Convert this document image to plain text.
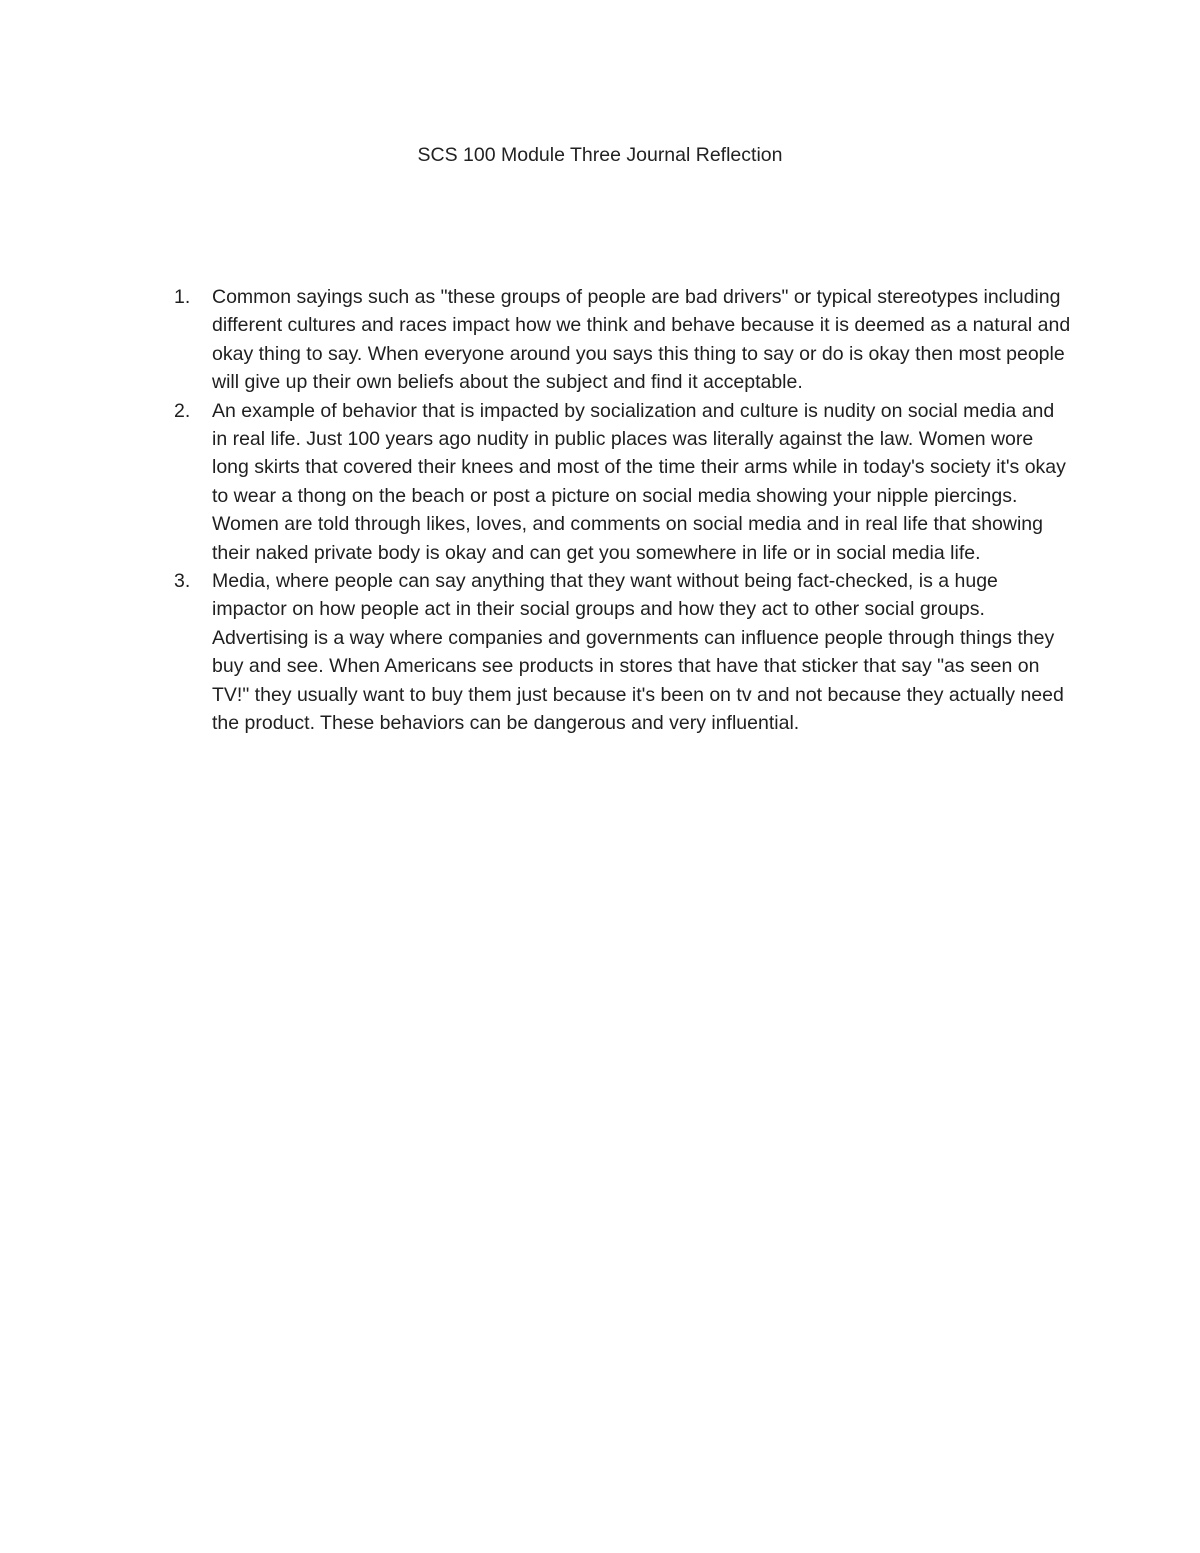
SCS 100 Module Three Journal Reflection
1.	Common sayings such as "these groups of people are bad drivers" or typical stereotypes including different cultures and races impact how we think and behave because it is deemed as a natural and okay thing to say. When everyone around you says this thing to say or do is okay then most people will give up their own beliefs about the subject and find it acceptable.
2.	An example of behavior that is impacted by socialization and culture is nudity on social media and in real life. Just 100 years ago nudity in public places was literally against the law. Women wore long skirts that covered their knees and most of the time their arms while in today's society it's okay to wear a thong on the beach or post a picture on social media showing your nipple piercings. Women are told through likes, loves, and comments on social media and in real life that showing their naked private body is okay and can get you somewhere in life or in social media life.
3.	Media, where people can say anything that they want without being fact-checked, is a huge impactor on how people act in their social groups and how they act to other social groups. Advertising is a way where companies and governments can influence people through things they buy and see. When Americans see products in stores that have that sticker that say "as seen on TV!" they usually want to buy them just because it's been on tv and not because they actually need the product. These behaviors can be dangerous and very influential.
